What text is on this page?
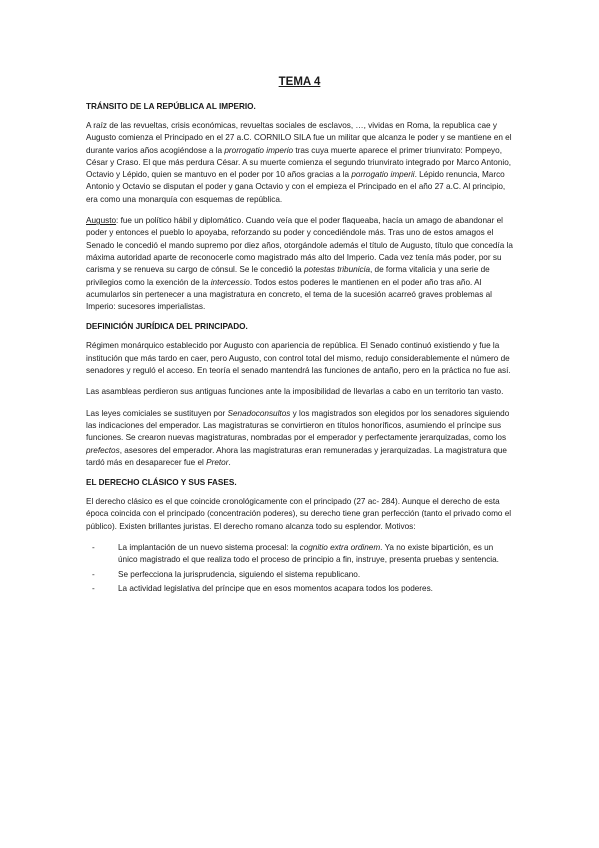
TEMA 4
TRÁNSITO DE LA REPÚBLICA AL IMPERIO.

A raíz de las revueltas, crisis económicas, revueltas sociales de esclavos, …, vividas en Roma, la republica cae y Augusto comienza el Principado en el 27 a.C. CORNILO SILA fue un militar que alcanza le poder y se mantiene en el durante varios años acogiéndose a la prorrogatio imperio tras cuya muerte aparece el primer triunvirato: Pompeyo, César y Craso. El que más perdura César. A su muerte comienza el segundo triunvirato integrado por Marco Antonio, Octavio y Lépido, quien se mantuvo en el poder por 10 años gracias a la porrogatio imperii. Lépido renuncia, Marco Antonio y Octavio se disputan el poder y gana Octavio y con el empieza el Principado en el año 27 a.C. Al principio, era como una monarquía con esquemas de república.

Augusto: fue un político hábil y diplomático. Cuando veía que el poder flaqueaba, hacía un amago de abandonar el poder y entonces el pueblo lo apoyaba, reforzando su poder y concediéndole más. Tras uno de estos amagos el Senado le concedió el mando supremo por diez años, otorgándole además el título de Augusto, título que concedía la máxima autoridad aparte de reconocerle como magistrado más alto del Imperio. Cada vez tenía más poder, por su carisma y se renueva su cargo de cónsul. Se le concedió la potestas tribunicia, de forma vitalicia y una serie de privilegios como la exención de la intercessio. Todos estos poderes le mantienen en el poder año tras año. Al acumularlos sin pertenecer a una magistratura en concreto, el tema de la sucesión acarreó graves problemas al Imperio: sucesores imperialistas.

DEFINICIÓN JURÍDICA DEL PRINCIPADO.

Régimen monárquico establecido por Augusto con apariencia de república. El Senado continuó existiendo y fue la institución que más tardo en caer, pero Augusto, con control total del mismo, redujo considerablemente el número de senadores y reguló el acceso. En teoría el senado mantendrá las funciones de antaño, pero en la práctica no fue así.

Las asambleas perdieron sus antiguas funciones ante la imposibilidad de llevarlas a cabo en un territorio tan vasto.

Las leyes comiciales se sustituyen por Senadoconsultos y los magistrados son elegidos por los senadores siguiendo las indicaciones del emperador. Las magistraturas se convirtieron en títulos honoríficos, asumiendo el príncipe sus funciones. Se crearon nuevas magistraturas, nombradas por el emperador y perfectamente jerarquizadas, como los prefectos, asesores del emperador. Ahora las magistraturas eran remuneradas y jerarquizadas. La magistratura que tardó más en desaparecer fue el Pretor.

EL DERECHO CLÁSICO Y SUS FASES.

El derecho clásico es el que coincide cronológicamente con el principado (27 ac- 284). Aunque el derecho de esta época coincida con el principado (concentración poderes), su derecho tiene gran perfección (tanto el privado como el público). Existen brillantes juristas. El derecho romano alcanza todo su esplendor. Motivos:

-	La implantación de un nuevo sistema procesal: la cognitio extra ordinem. Ya no existe bipartición, es un único magistrado el que realiza todo el proceso de principio a fin, instruye, presenta pruebas y sentencia.
-	Se perfecciona la jurisprudencia, siguiendo el sistema republicano.
-	La actividad legislativa del príncipe que en esos momentos acapara todos los poderes.
